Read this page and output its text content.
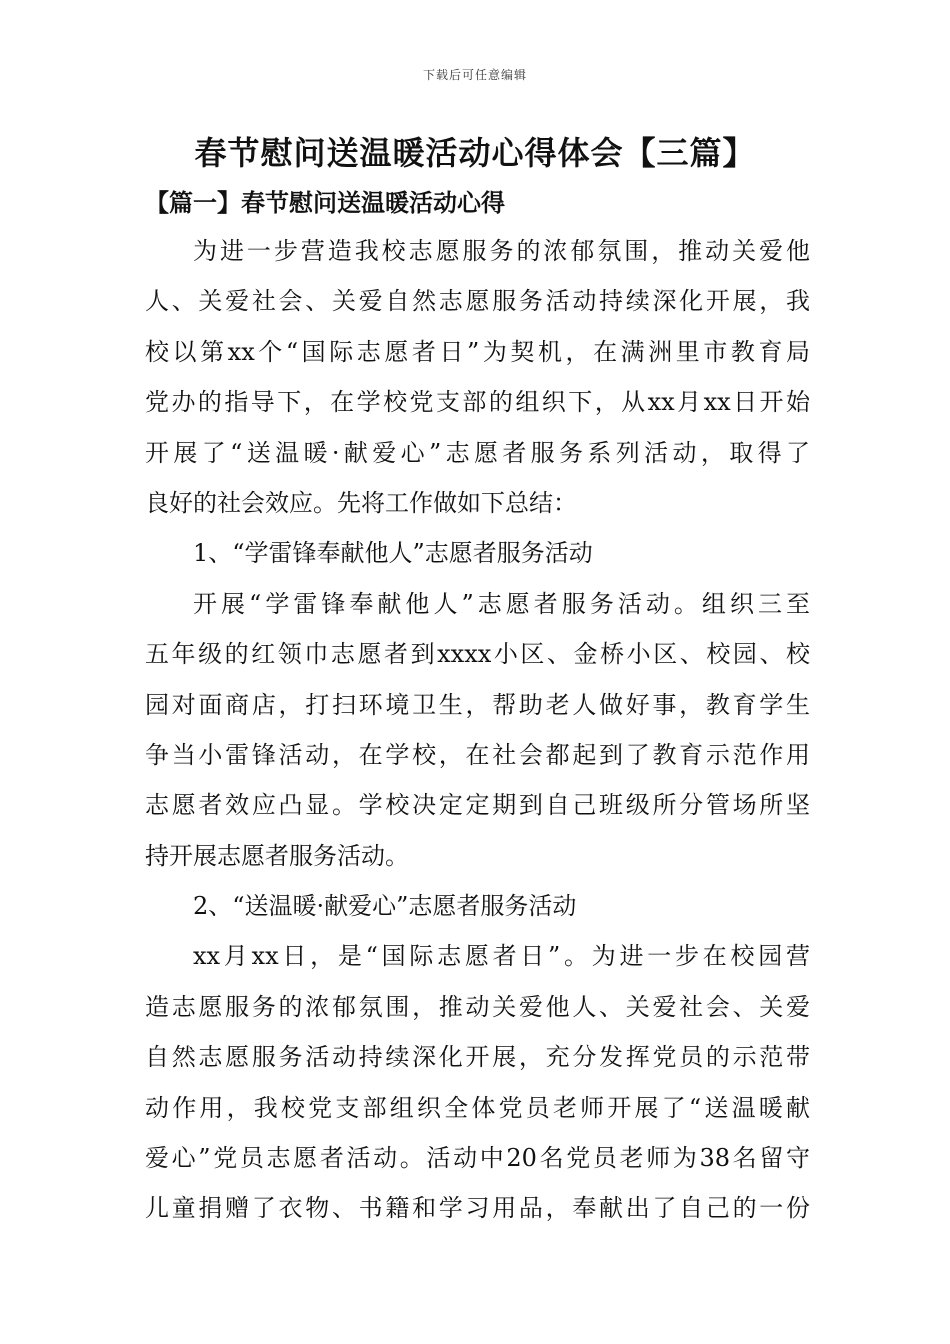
下载后可任意编辑
春节慰问送温暖活动心得体会【三篇】
【篇一】春节慰问送温暖活动心得
为进一步营造我校志愿服务的浓郁氛围，推动关爱他
人、关爱社会、关爱自然志愿服务活动持续深化开展，我
校以第xx个“国际志愿者日”为契机，在满洲里市教育局
党办的指导下，在学校党支部的组织下，从xx月xx日开始
开展了“送温暖·献爱心”志愿者服务系列活动，取得了
良好的社会效应。先将工作做如下总结：
1、“学雷锋奉献他人”志愿者服务活动
开展“学雷锋奉献他人”志愿者服务活动。组织三至
五年级的红领巾志愿者到xxxx小区、金桥小区、校园、校
园对面商店，打扫环境卫生，帮助老人做好事，教育学生
争当小雷锋活动，在学校，在社会都起到了教育示范作用
志愿者效应凸显。学校决定定期到自己班级所分管场所坚
持开展志愿者服务活动。
2、“送温暖·献爱心”志愿者服务活动
xx月xx日，是“国际志愿者日”。为进一步在校园营
造志愿服务的浓郁氛围，推动关爱他人、关爱社会、关爱
自然志愿服务活动持续深化开展，充分发挥党员的示范带
动作用，我校党支部组织全体党员老师开展了“送温暖献
爱心”党员志愿者活动。活动中20名党员老师为38名留守
儿童捐赠了衣物、书籍和学习用品，奉献出了自己的一份
